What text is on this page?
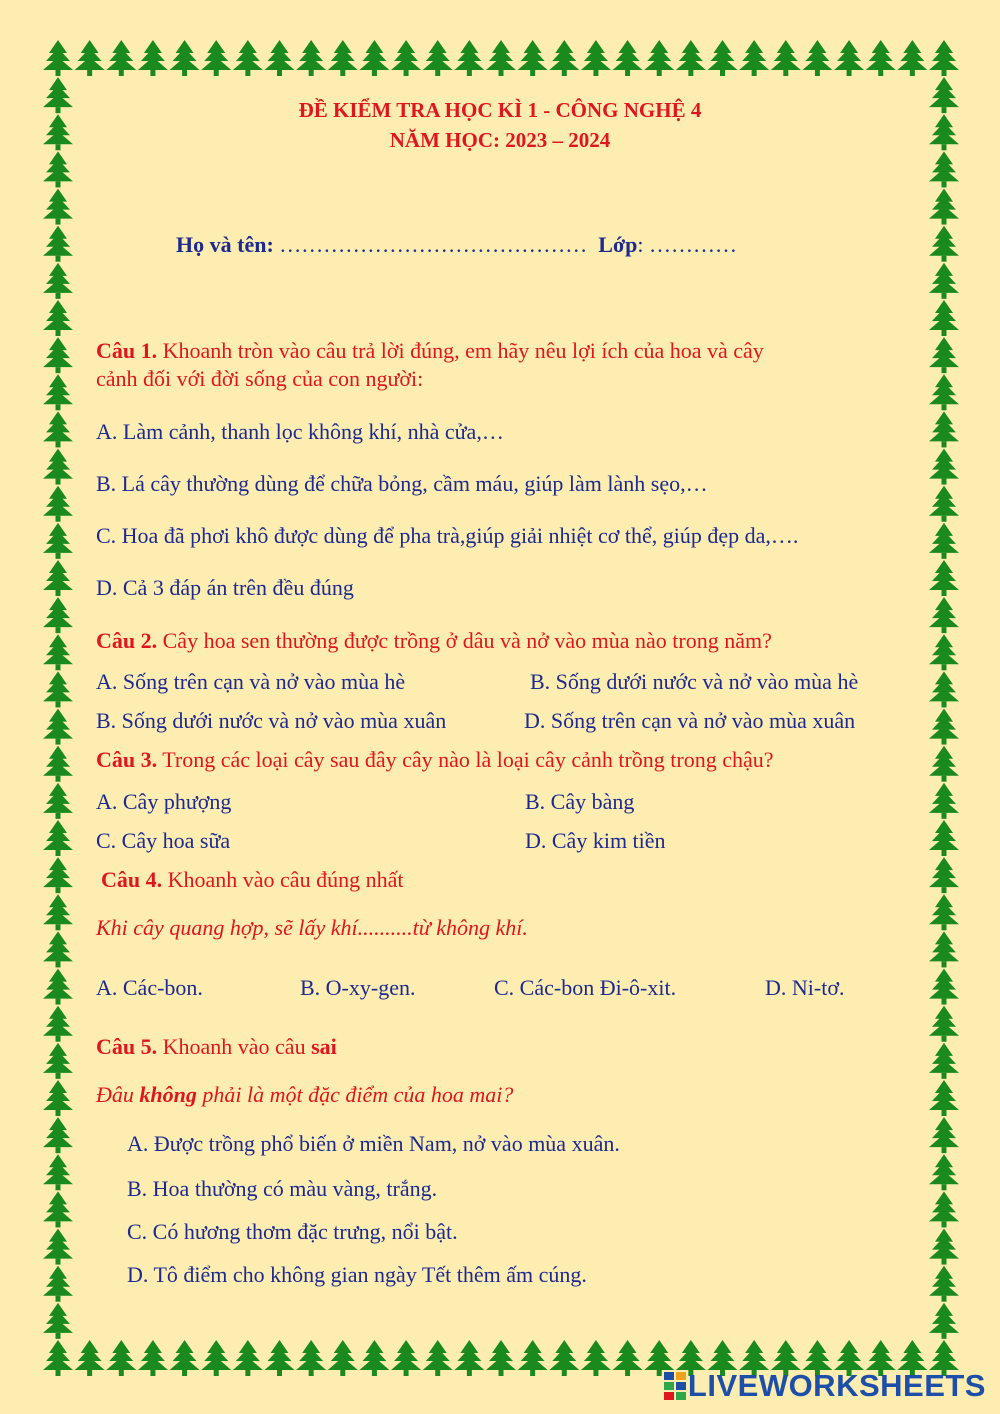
ĐỀ KIỂM TRA HỌC KÌ 1 - CÔNG NGHỆ 4
NĂM HỌC: 2023 – 2024
Họ và tên: …………………………………… Lớp: …………
Câu 1. Khoanh tròn vào câu trả lời đúng, em hãy nêu lợi ích của hoa và cây
cảnh đối với đời sống của con người:
A. Làm cảnh, thanh lọc không khí, nhà cửa,…
B. Lá cây thường dùng để chữa bỏng, cầm máu, giúp làm lành sẹo,…
C. Hoa đã phơi khô được dùng để pha trà,giúp giải nhiệt cơ thể, giúp đẹp da,….
D. Cả 3 đáp án trên đều đúng
Câu 2. Cây hoa sen thường được trồng ở dâu và nở vào mùa nào trong năm?
A. Sống trên cạn và nở vào mùa hè	B. Sống dưới nước và nở vào mùa hè
B. Sống dưới nước và nở vào mùa xuân	D. Sống trên cạn và nở vào mùa xuân
Câu 3. Trong các loại cây sau đây cây nào là loại cây cảnh trồng trong chậu?
A. Cây phượng	B. Cây bàng
C. Cây hoa sữa	D. Cây kim tiền
Câu 4. Khoanh vào câu đúng nhất
Khi cây quang hợp, sẽ lấy khí..........từ không khí.
A. Các-bon.	B. O-xy-gen.	C. Các-bon Đi-ô-xit.	D. Ni-tơ.
Câu 5. Khoanh vào câu sai
Đâu không phải là một đặc điểm của hoa mai?
A. Được trồng phổ biến ở miền Nam, nở vào mùa xuân.
B. Hoa thường có màu vàng, trắng.
C. Có hương thơm đặc trưng, nổi bật.
D. Tô điểm cho không gian ngày Tết thêm ấm cúng.
LIVEWORKSHEETS
